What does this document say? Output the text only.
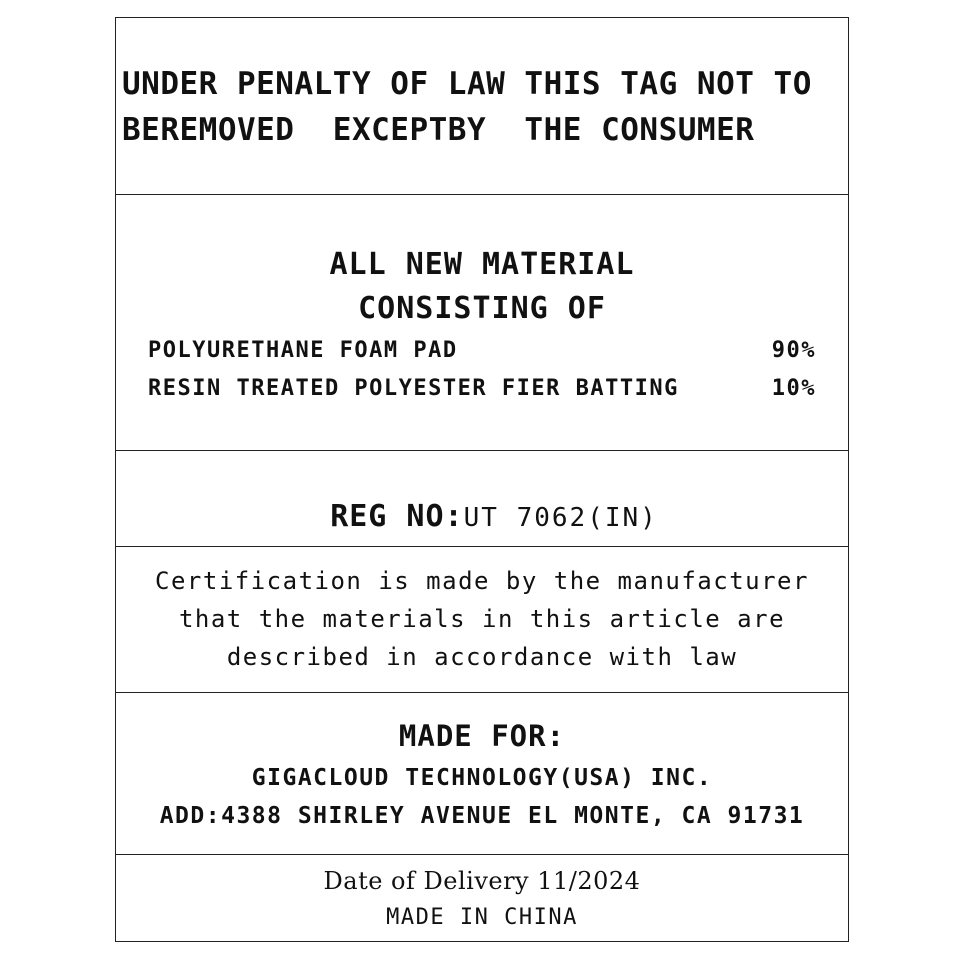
UNDER PENALTY OF LAW THIS TAG NOT TO
BEREMOVED  EXCEPTBY  THE CONSUMER
ALL NEW MATERIAL
CONSISTING OF
POLYURETHANE FOAM PAD	90%
RESIN TREATED POLYESTER FIER BATTING	10%

REG NO:UT 7062(IN)

Certification is made by the manufacturer
that the materials in this article are
described in accordance with law
MADE FOR:
GIGACLOUD TECHNOLOGY(USA) INC.
ADD:4388 SHIRLEY AVENUE EL MONTE, CA 91731
Date of Delivery 11/2024
MADE IN CHINA
